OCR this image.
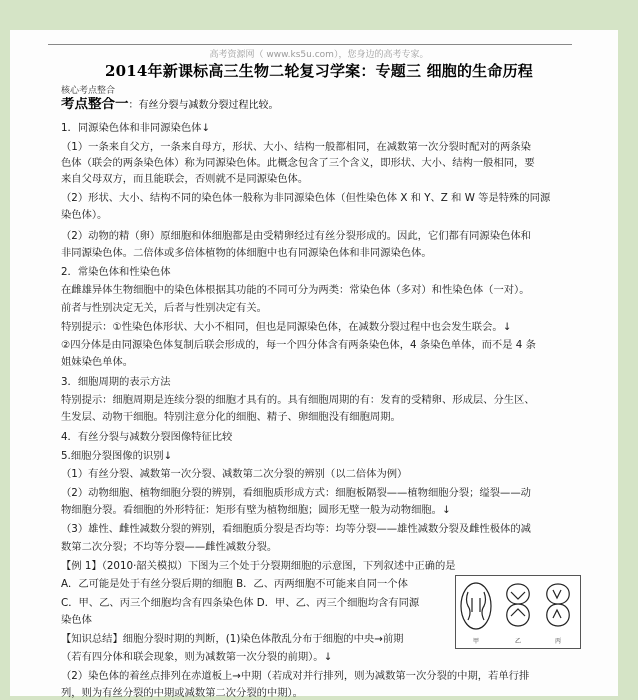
高考资源网（ www.ks5u.com），您身边的高考专家。
2014年新课标高三生物二轮复习学案：专题三 细胞的生命历程
核心考点整合
考点整合一：有丝分裂与减数分裂过程比较。
1．同源染色体和非同源染色体↓
（1）一条来自父方，一条来自母方，形状、大小、结构一般都相同，在减数第一次分裂时配对的两条染
色体（联会的两条染色体）称为同源染色体。此概念包含了三个含义，即形状、大小、结构一般相同，要
来自父母双方，而且能联会，否则就不是同源染色体。
（2）形状、大小、结构不同的染色体一般称为非同源染色体（但性染色体 X 和 Y、Z 和 W 等是特殊的同源
染色体）。
（2）动物的精（卵）原细胞和体细胞都是由受精卵经过有丝分裂形成的。因此，它们都有同源染色体和
非同源染色体。二倍体或多倍体植物的体细胞中也有同源染色体和非同源染色体。
2．常染色体和性染色体
在雌雄异体生物细胞中的染色体根据其功能的不同可分为两类：常染色体（多对）和性染色体（一对）。
前者与性别决定无关，后者与性别决定有关。
特别提示：①性染色体形状、大小不相同，但也是同源染色体，在减数分裂过程中也会发生联会。↓
②四分体是由同源染色体复制后联会形成的，每一个四分体含有两条染色体，4 条染色单体，而不是 4 条
姐妹染色单体。
3．细胞周期的表示方法
特别提示：细胞周期是连续分裂的细胞才具有的。具有细胞周期的有：发育的受精卵、形成层、分生区、
生发层、动物干细胞。特别注意分化的细胞、精子、卵细胞没有细胞周期。
4．有丝分裂与减数分裂图像特征比较
5.细胞分裂图像的识别↓
（1）有丝分裂、减数第一次分裂、减数第二次分裂的辨别（以二倍体为例）
（2）动物细胞、植物细胞分裂的辨别，看细胞质形成方式：细胞板隔裂——植物细胞分裂；缢裂——动
物细胞分裂。看细胞的外形特征：矩形有壁为植物细胞；圆形无壁一般为动物细胞。↓
（3）雄性、雌性减数分裂的辨别，看细胞质分裂是否均等：均等分裂——雄性减数分裂及雌性极体的减
数第二次分裂；不均等分裂——雌性减数分裂。
【例 1】（2010·韶关模拟）下图为三个处于分裂期细胞的示意图，下列叙述中正确的是
A．乙可能是处于有丝分裂后期的细胞 B．乙、丙两细胞不可能来自同一个体
C．甲、乙、丙三个细胞均含有四条染色体 D．甲、乙、丙三个细胞均含有同源
染色体
【知识总结】细胞分裂时期的判断，(1)染色体散乱分布于细胞的中央→前期
（若有四分体和联会现象，则为减数第一次分裂的前期）。↓
（2）染色体的着丝点排列在赤道板上→中期（若成对并行排列，则为减数第一次分裂的中期，若单行排
列，则为有丝分裂的中期或减数第二次分裂的中期）。
甲	乙	丙
